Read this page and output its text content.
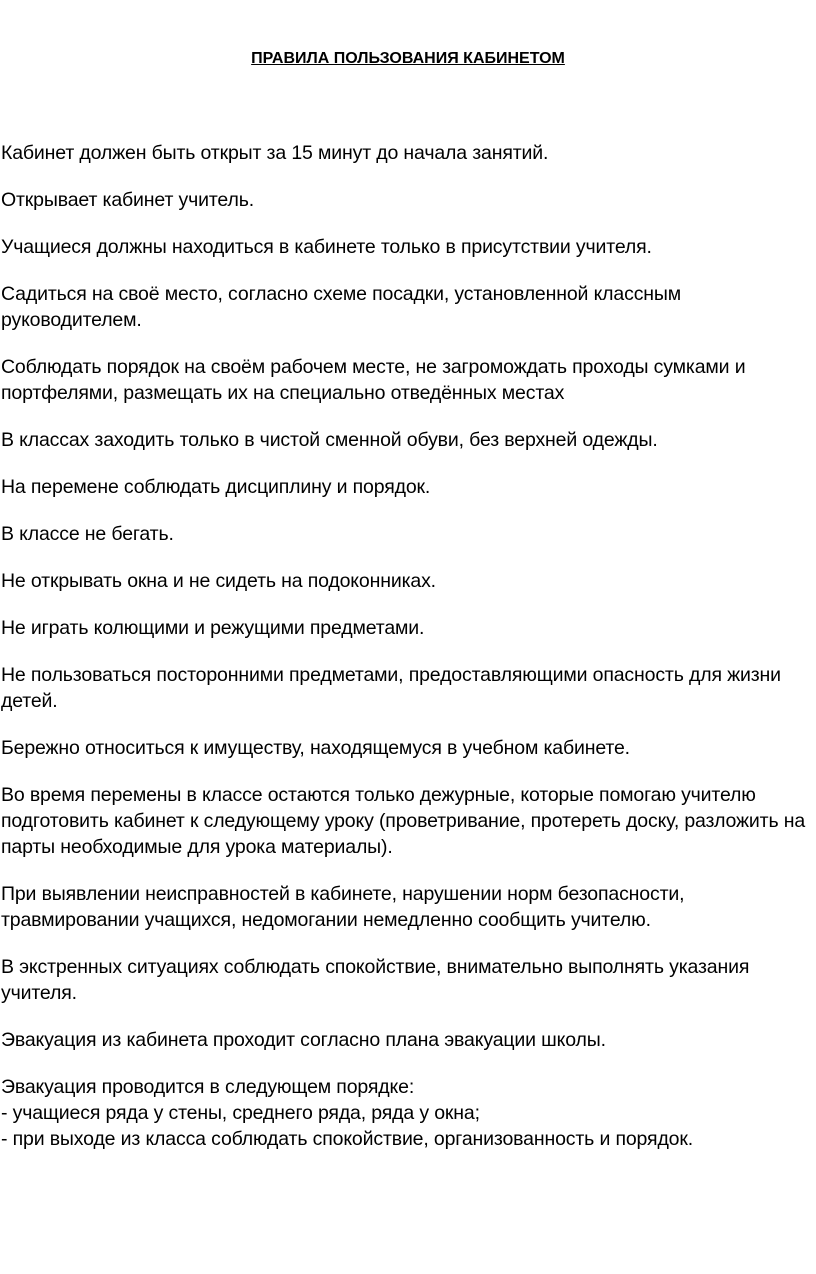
ПРАВИЛА ПОЛЬЗОВАНИЯ КАБИНЕТОМ
Кабинет должен быть открыт за 15 минут до начала занятий.
Открывает кабинет учитель.
Учащиеся должны находиться в кабинете только в присутствии учителя.
Садиться на своё место, согласно схеме посадки, установленной классным
руководителем.
Соблюдать порядок на своём рабочем месте, не загромождать проходы сумками и
портфелями, размещать их на специально отведённых местах
В классах заходить только в чистой сменной обуви, без верхней одежды.
На перемене соблюдать дисциплину и порядок.
В классе не бегать.
Не открывать окна и не сидеть на подоконниках.
Не играть колющими и режущими предметами.
Не пользоваться посторонними предметами, предоставляющими опасность для жизни
детей.
Бережно относиться к имуществу, находящемуся в учебном кабинете.
Во время перемены в классе остаются только дежурные, которые помогаю учителю
подготовить кабинет к следующему уроку (проветривание, протереть доску, разложить на
парты необходимые для урока материалы).
При выявлении неисправностей в кабинете, нарушении норм безопасности,
травмировании учащихся, недомогании немедленно сообщить учителю.
В экстренных ситуациях соблюдать спокойствие, внимательно выполнять указания
учителя.
Эвакуация из кабинета проходит согласно плана эвакуации школы.
Эвакуация проводится в следующем порядке:
- учащиеся ряда у стены, среднего ряда, ряда у окна;
- при выходе из класса соблюдать спокойствие, организованность и порядок.
